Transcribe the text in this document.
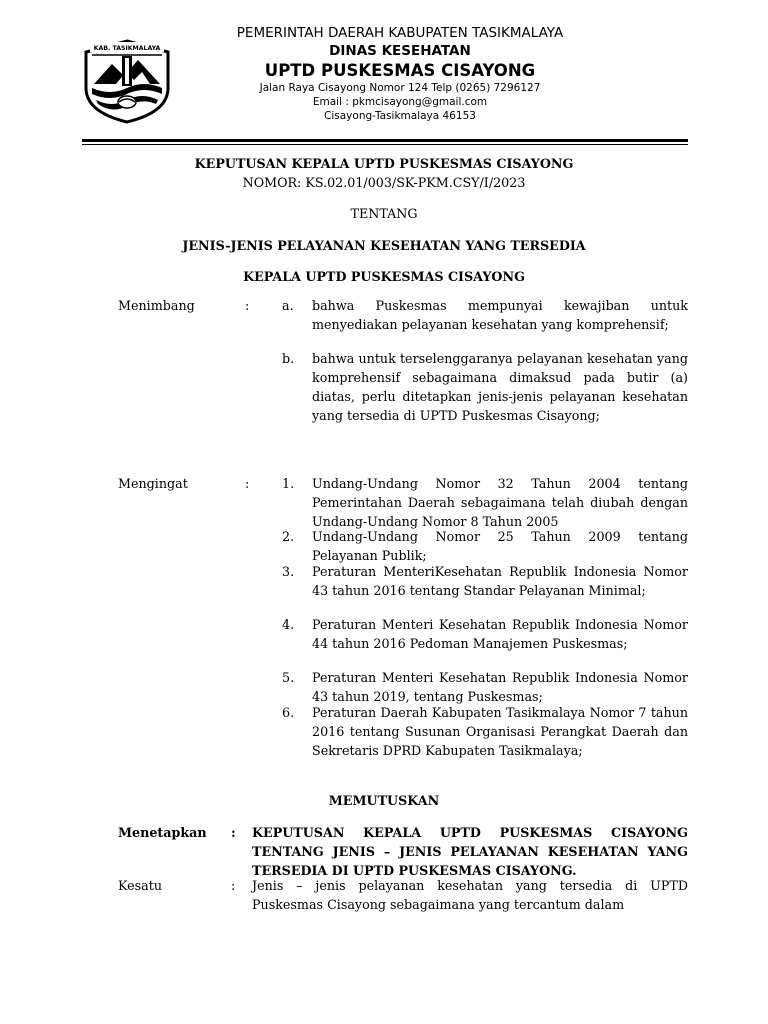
KAB. TASIKMALAYA
PEMERINTAH DAERAH KABUPATEN TASIKMALAYA
DINAS KESEHATAN
UPTD PUSKESMAS CISAYONG
Jalan Raya Cisayong Nomor 124 Telp (0265) 7296127
Email : pkmcisayong@gmail.com
Cisayong-Tasikmalaya 46153
KEPUTUSAN KEPALA UPTD PUSKESMAS CISAYONG
NOMOR: KS.02.01/003/SK-PKM.CSY/I/2023
TENTANG
JENIS-JENIS PELAYANAN KESEHATAN YANG TERSEDIA
KEPALA UPTD PUSKESMAS CISAYONG
Menimbang	:	a.	bahwa Puskesmas mempunyai kewajiban untuk menyediakan pelayanan kesehatan yang komprehensif;
b.	bahwa untuk terselenggaranya pelayanan kesehatan yang komprehensif sebagaimana dimaksud pada butir (a) diatas, perlu ditetapkan jenis-jenis pelayanan kesehatan yang tersedia di UPTD Puskesmas Cisayong;
Mengingat	:	1.	Undang-Undang Nomor 32 Tahun 2004 tentang Pemerintahan Daerah sebagaimana telah diubah dengan Undang-Undang Nomor 8 Tahun 2005
2.	Undang-Undang Nomor 25 Tahun 2009 tentang Pelayanan Publik;
3.	Peraturan MenteriKesehatan Republik Indonesia Nomor 43 tahun 2016 tentang Standar Pelayanan Minimal;
4.	Peraturan Menteri Kesehatan Republik Indonesia Nomor 44 tahun 2016 Pedoman Manajemen Puskesmas;
5.	Peraturan Menteri Kesehatan Republik Indonesia Nomor 43 tahun 2019, tentang Puskesmas;
6.	Peraturan Daerah Kabupaten Tasikmalaya Nomor 7 tahun 2016 tentang Susunan Organisasi Perangkat Daerah dan Sekretaris DPRD Kabupaten Tasikmalaya;
MEMUTUSKAN
Menetapkan : KEPUTUSAN KEPALA UPTD PUSKESMAS CISAYONG TENTANG JENIS – JENIS PELAYANAN KESEHATAN YANG TERSEDIA DI UPTD PUSKESMAS CISAYONG.
Kesatu	: Jenis – jenis pelayanan kesehatan yang tersedia di UPTD Puskesmas Cisayong sebagaimana yang tercantum dalam
